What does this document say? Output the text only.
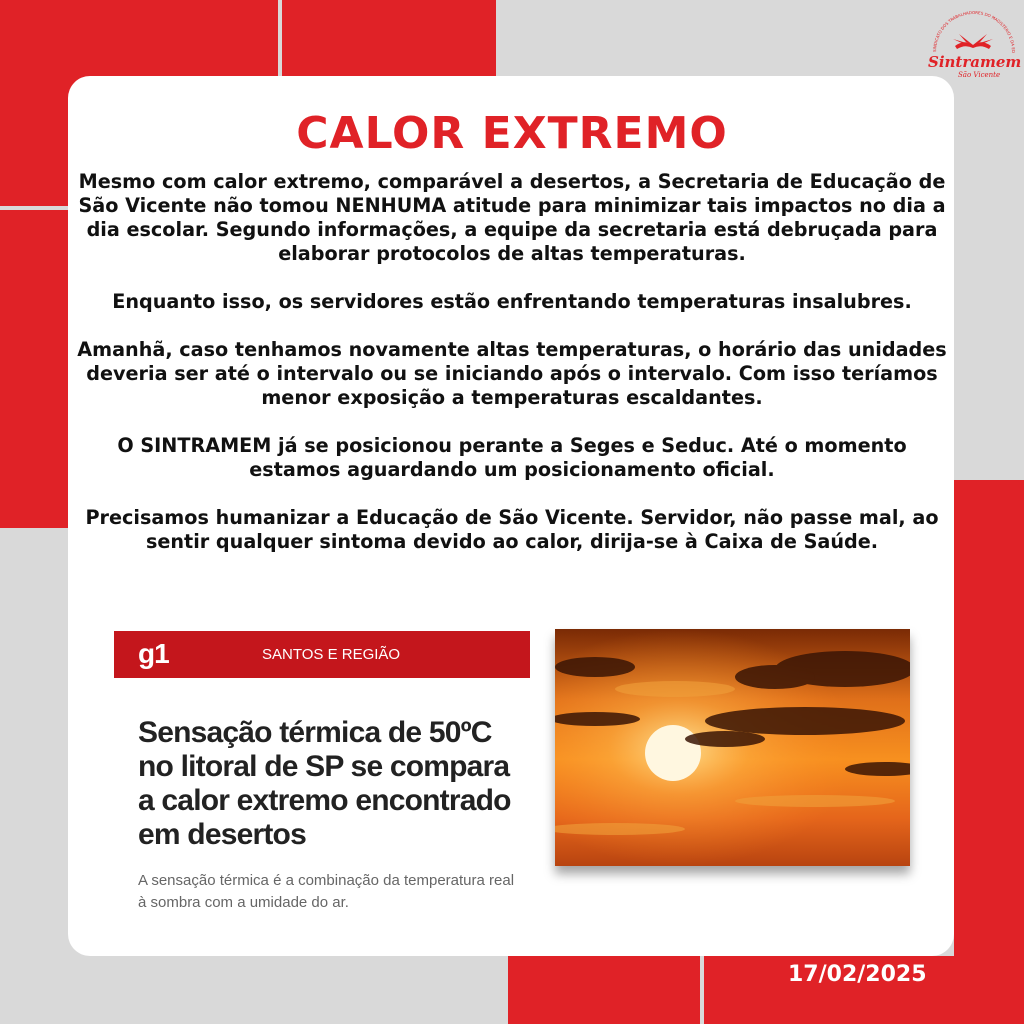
SINDICATO DOS TRABALHADORES DO MAGISTÉRIO E DA ED
Sintramem
São Vicente
CALOR EXTREMO

Mesmo com calor extremo, comparável a desertos, a Secretaria de Educação de São Vicente não tomou NENHUMA atitude para minimizar tais impactos no dia a dia escolar. Segundo informações, a equipe da secretaria está debruçada para elaborar protocolos de altas temperaturas.

Enquanto isso, os servidores estão enfrentando temperaturas insalubres.

Amanhã, caso tenhamos novamente altas temperaturas, o horário das unidades deveria ser até o intervalo ou se iniciando após o intervalo. Com isso teríamos menor exposição a temperaturas escaldantes.

O SINTRAMEM já se posicionou perante a Seges e Seduc. Até o momento estamos aguardando um posicionamento oficial.

Precisamos humanizar a Educação de São Vicente. Servidor, não passe mal, ao sentir qualquer sintoma devido ao calor, dirija-se à Caixa de Saúde.

g1	SANTOS E REGIÃO
Sensação térmica de 50ºC no litoral de SP se compara a calor extremo encontrado em desertos
A sensação térmica é a combinação da temperatura real à sombra com a umidade do ar.
17/02/2025
